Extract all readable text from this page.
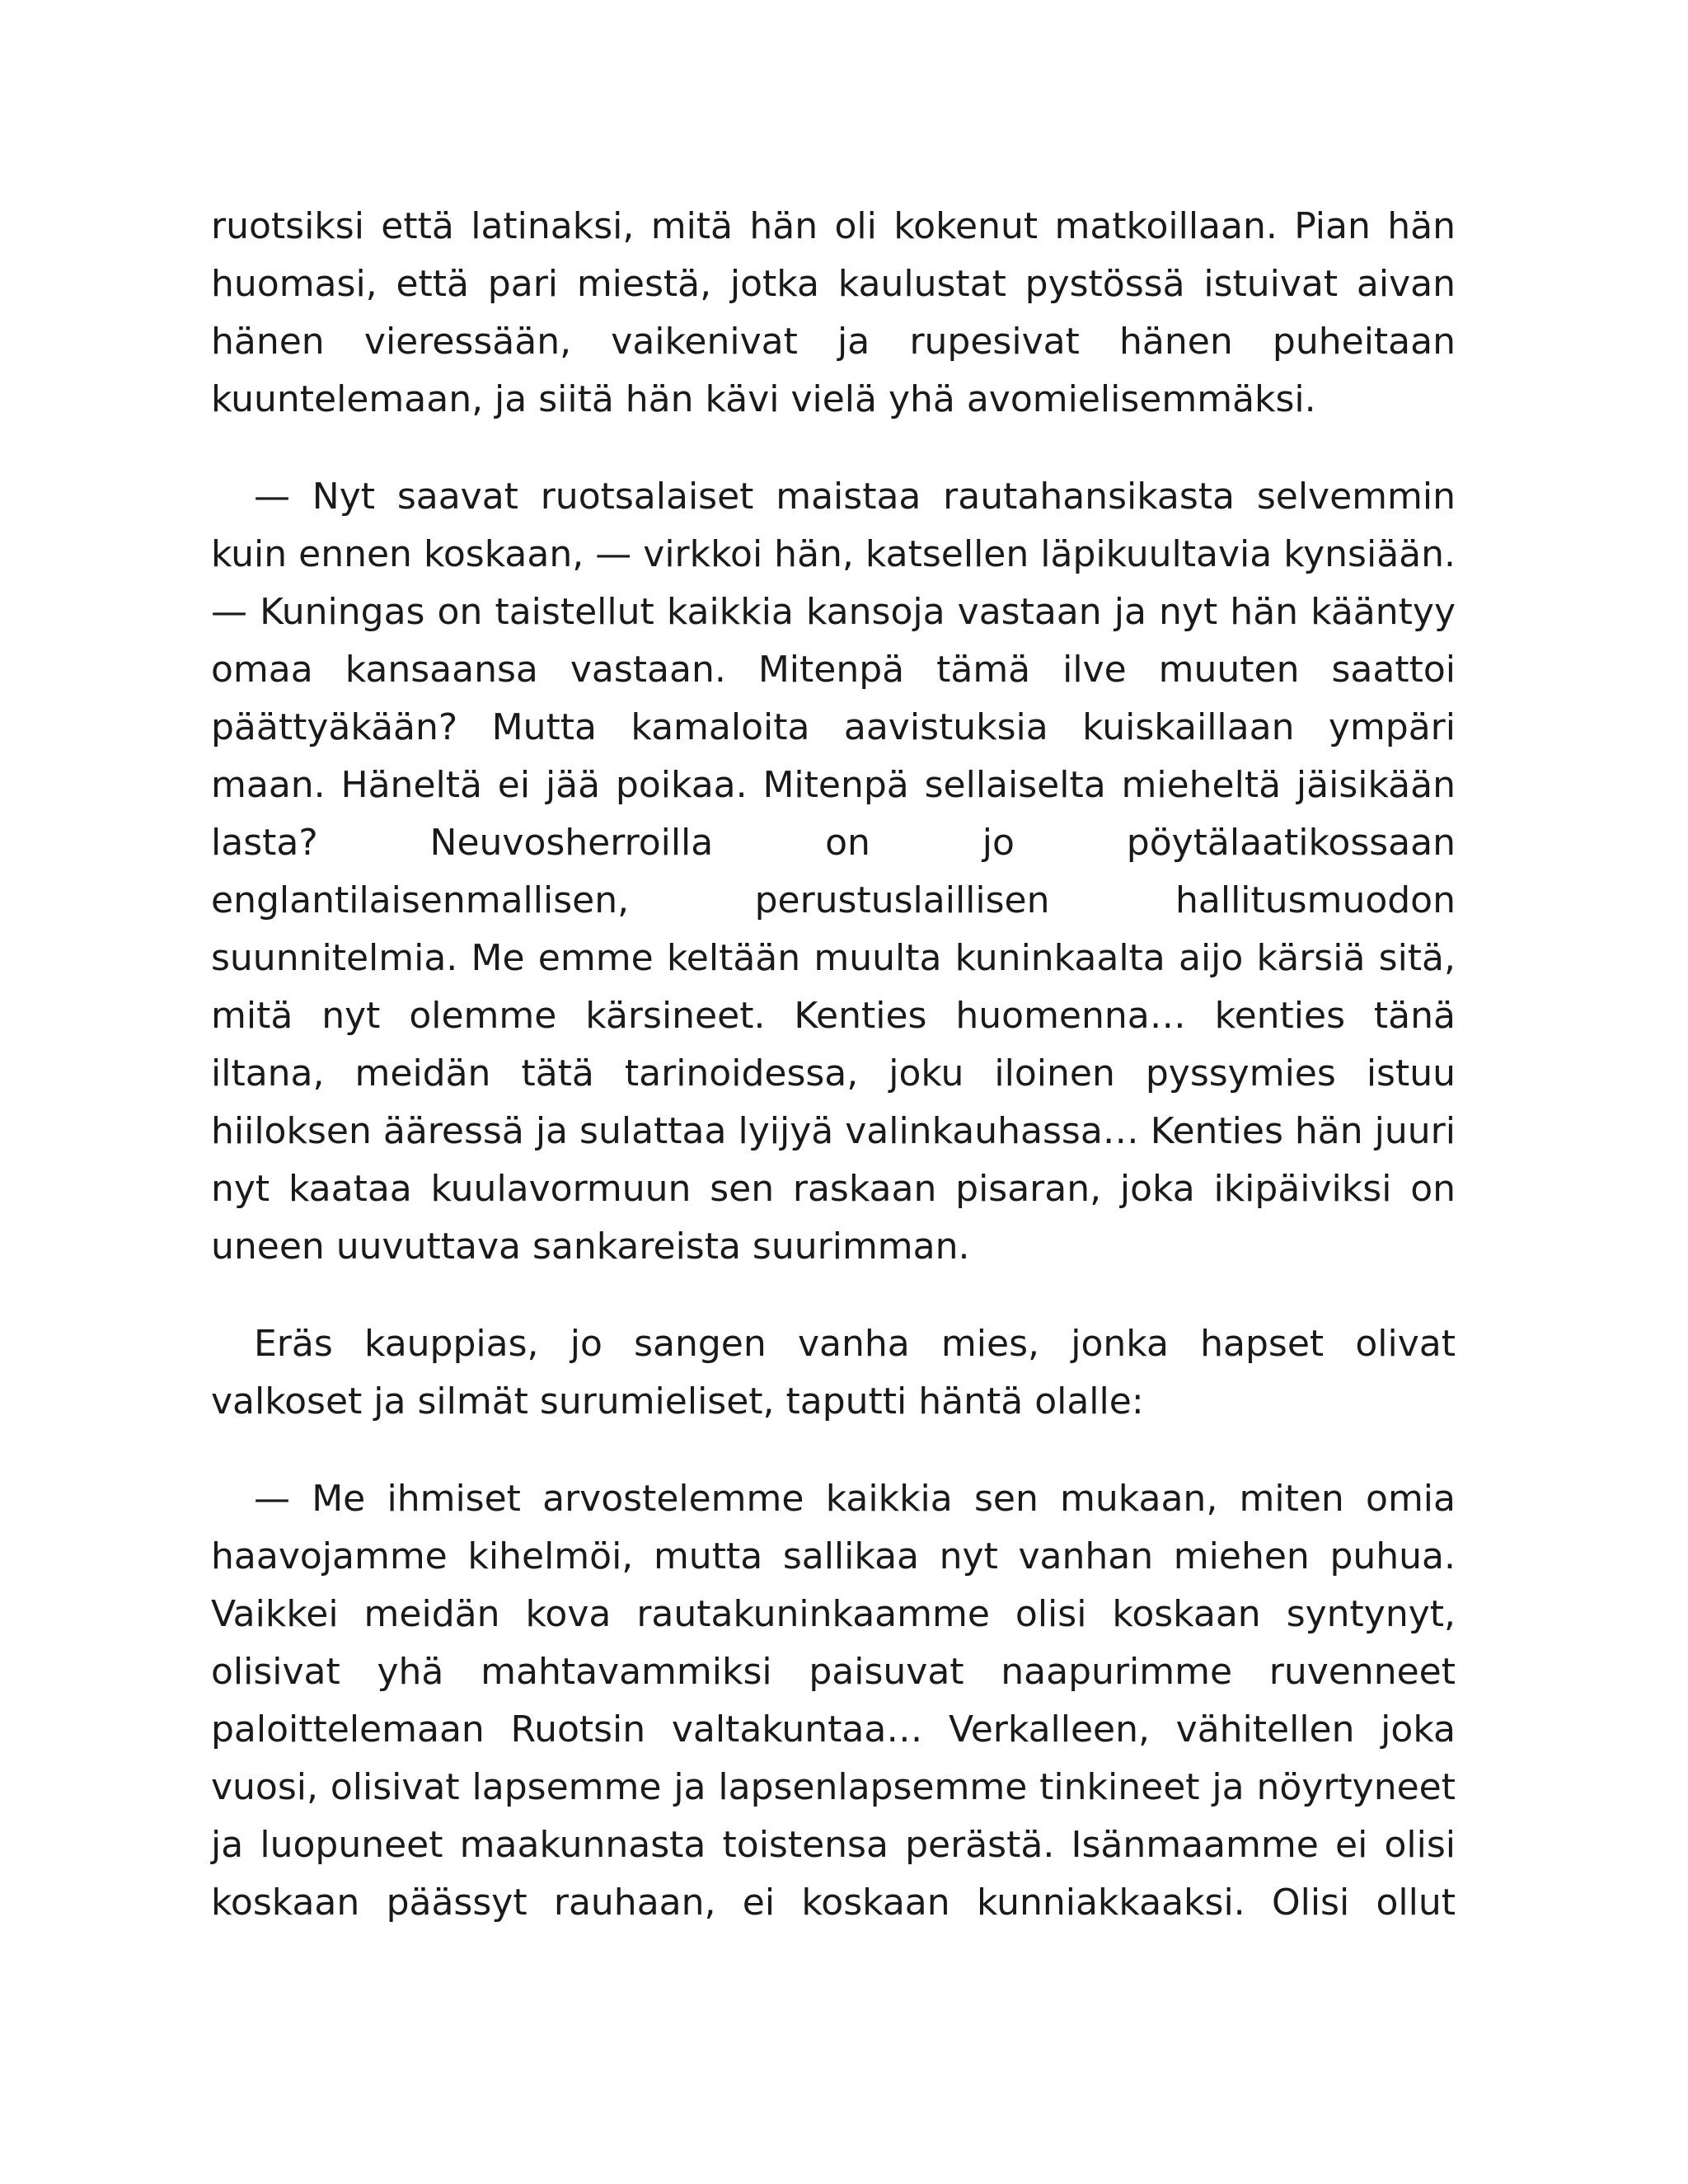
ruotsiksi että latinaksi, mitä hän oli kokenut matkoillaan. Pian hän huomasi, että pari miestä, jotka kaulustat pystössä istuivat aivan hänen vieressään, vaikenivat ja rupesivat hänen puheitaan kuuntelemaan, ja siitä hän kävi vielä yhä avomielisemmäksi.

— Nyt saavat ruotsalaiset maistaa rautahansikasta selvemmin kuin ennen koskaan, — virkkoi hän, katsellen läpikuultavia kynsiään. — Kuningas on taistellut kaikkia kansoja vastaan ja nyt hän kääntyy omaa kansaansa vastaan. Mitenpä tämä ilve muuten saattoi päättyäkään? Mutta kamaloita aavistuksia kuiskaillaan ympäri maan. Häneltä ei jää poikaa. Mitenpä sellaiselta mieheltä jäisikään lasta? Neuvosherroilla on jo pöytälaatikossaan englantilaisenmallisen, perustuslaillisen hallitusmuodon suunnitelmia. Me emme keltään muulta kuninkaalta aijo kärsiä sitä, mitä nyt olemme kärsineet. Kenties huomenna… kenties tänä iltana, meidän tätä tarinoidessa, joku iloinen pyssymies istuu hiiloksen ääressä ja sulattaa lyijyä valinkauhassa… Kenties hän juuri nyt kaataa kuulavormuun sen raskaan pisaran, joka ikipäiviksi on uneen uuvuttava sankareista suurimman.

Eräs kauppias, jo sangen vanha mies, jonka hapset olivat valkoset ja silmät surumieliset, taputti häntä olalle:

— Me ihmiset arvostelemme kaikkia sen mukaan, miten omia haavojamme kihelmöi, mutta sallikaa nyt vanhan miehen puhua. Vaikkei meidän kova rautakuninkaamme olisi koskaan syntynyt, olisivat yhä mahtavammiksi paisuvat naapurimme ruvenneet paloittelemaan Ruotsin valtakuntaa… Verkalleen, vähitellen joka vuosi, olisivat lapsemme ja lapsenlapsemme tinkineet ja nöyrtyneet ja luopuneet maakunnasta toistensa perästä. Isänmaamme ei olisi koskaan päässyt rauhaan, ei koskaan kunniakkaaksi. Olisi ollut
